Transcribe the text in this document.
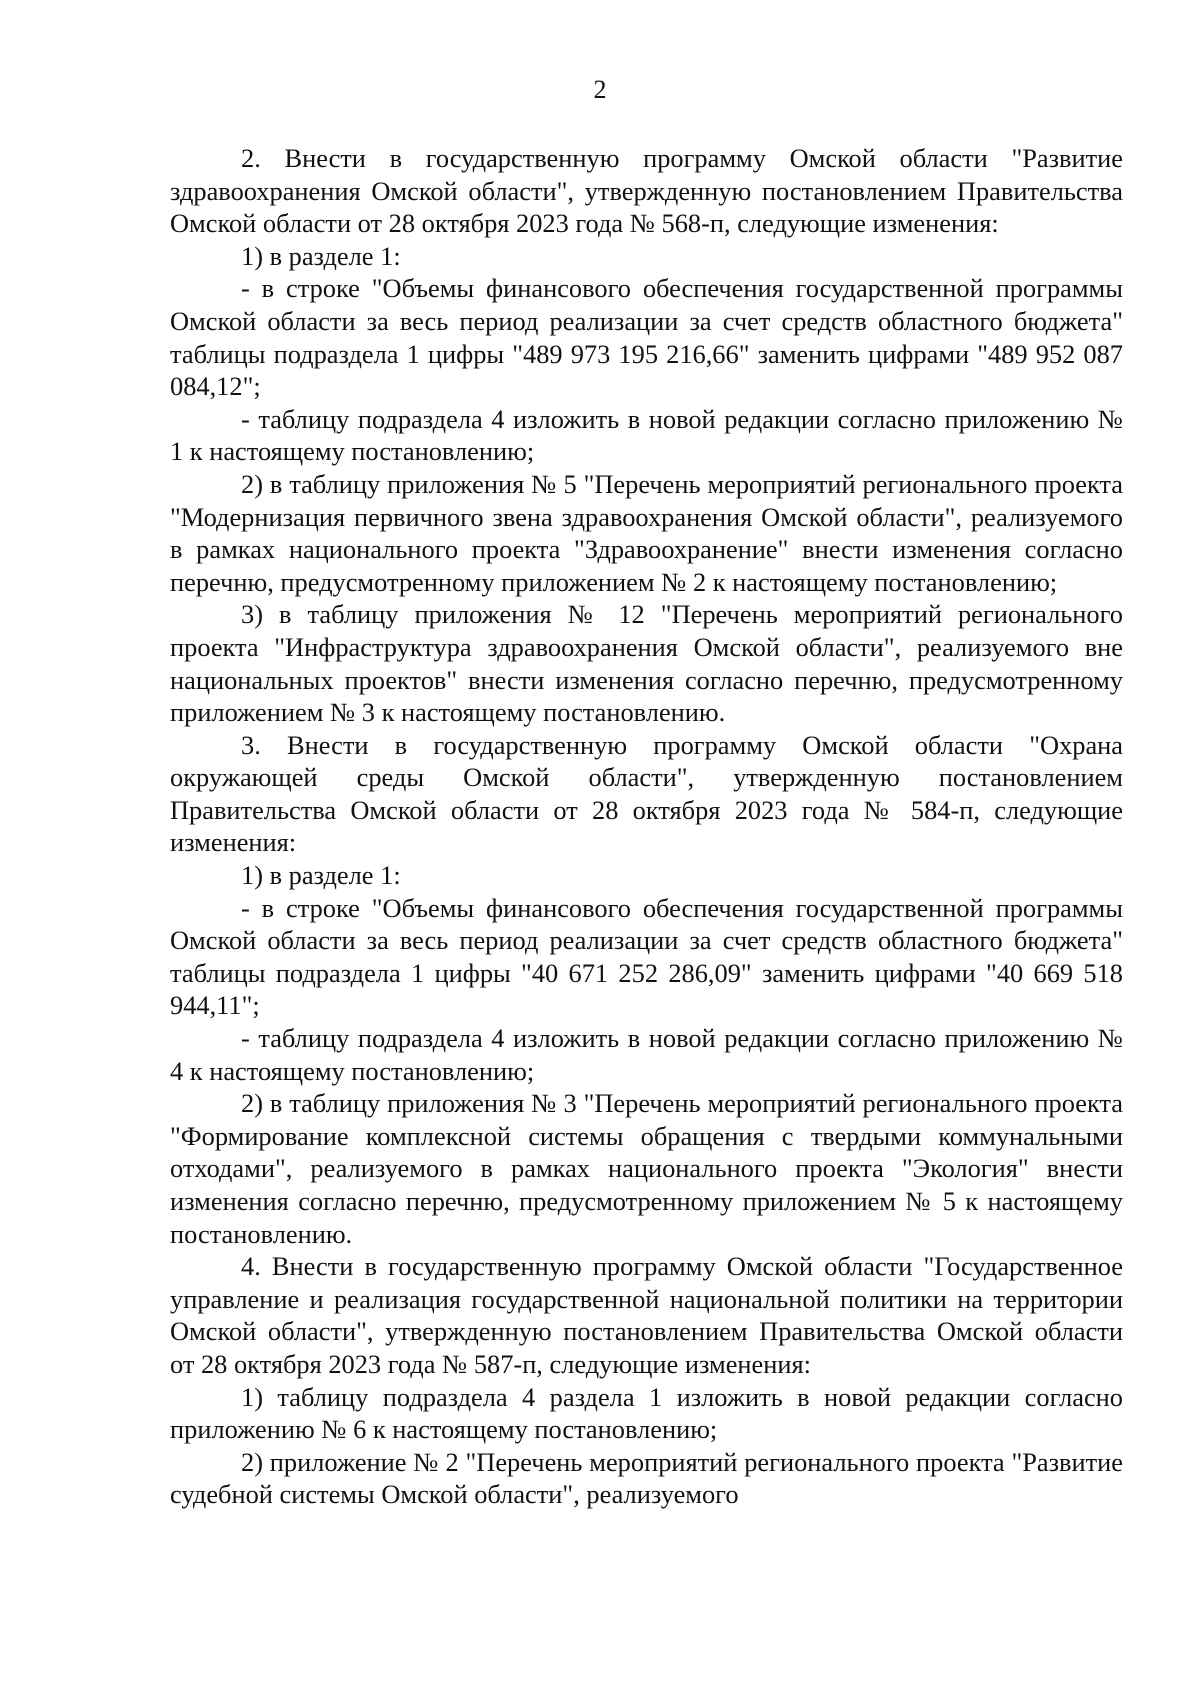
2

2. Внести в государственную программу Омской области "Развитие здравоохранения Омской области", утвержденную постановлением Правительства Омской области от 28 октября 2023 года № 568-п, следующие изменения:

1) в разделе 1:

- в строке "Объемы финансового обеспечения государственной программы Омской области за весь период реализации за счет средств областного бюджета" таблицы подраздела 1 цифры "489 973 195 216,66" заменить цифрами "489 952 087 084,12";

- таблицу подраздела 4 изложить в новой редакции согласно приложению № 1 к настоящему постановлению;

2) в таблицу приложения № 5 "Перечень мероприятий регионального проекта "Модернизация первичного звена здравоохранения Омской области", реализуемого в рамках национального проекта "Здравоохранение" внести изменения согласно перечню, предусмотренному приложением № 2 к настоящему постановлению;

3) в таблицу приложения № 12 "Перечень мероприятий регионального проекта "Инфраструктура здравоохранения Омской области", реализуемого вне национальных проектов" внести изменения согласно перечню, предусмотренному приложением № 3 к настоящему постановлению.

3. Внести в государственную программу Омской области "Охрана окружающей среды Омской области", утвержденную постановлением Правительства Омской области от 28 октября 2023 года № 584-п, следующие изменения:

1) в разделе 1:

- в строке "Объемы финансового обеспечения государственной программы Омской области за весь период реализации за счет средств областного бюджета" таблицы подраздела 1 цифры "40 671 252 286,09" заменить цифрами "40 669 518 944,11";

- таблицу подраздела 4 изложить в новой редакции согласно приложению № 4 к настоящему постановлению;

2) в таблицу приложения № 3 "Перечень мероприятий регионального проекта "Формирование комплексной системы обращения с твердыми коммунальными отходами", реализуемого в рамках национального проекта "Экология" внести изменения согласно перечню, предусмотренному приложением № 5 к настоящему постановлению.

4. Внести в государственную программу Омской области "Государственное управление и реализация государственной национальной политики на территории Омской области", утвержденную постановлением Правительства Омской области от 28 октября 2023 года № 587-п, следующие изменения:

1) таблицу подраздела 4 раздела 1 изложить в новой редакции согласно приложению № 6 к настоящему постановлению;

2) приложение № 2 "Перечень мероприятий регионального проекта "Развитие судебной системы Омской области", реализуемого
